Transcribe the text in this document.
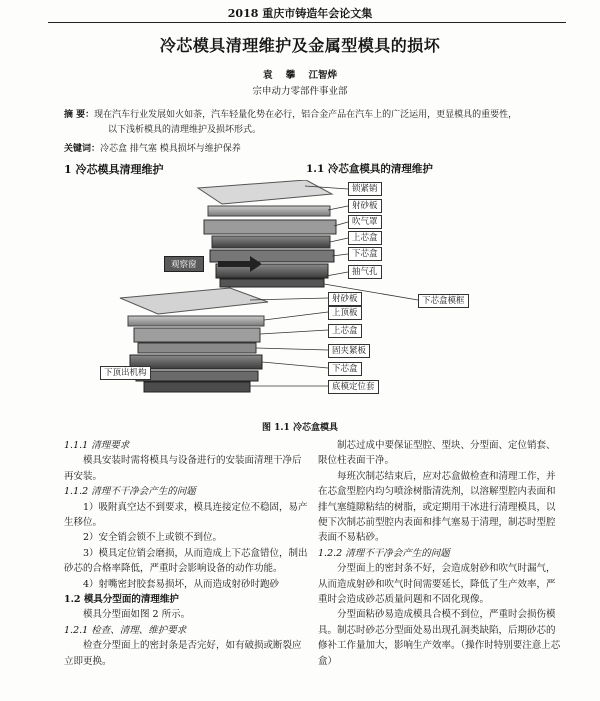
2018 重庆市铸造年会论文集
冷芯模具清理维护及金属型模具的损坏
袁 攀 江智烨
宗申动力零部件事业部
摘 要：现在汽车行业发展如火如荼，汽车轻量化势在必行，铝合金产品在汽车上的广泛运用，更显模具的重要性，
以下浅析模具的清理维护及损坏形式。
关键词：冷芯盒 排气塞 模具损坏与维护保养
1 冷芯模具清理维护	1.1 冷芯盒模具的清理维护
观察窗
锁紧销
射砂板
吹气罩
上芯盒
下芯盒
抽气孔
下芯盒模框
射砂板
上顶板
上芯盒
固夹紧板
下芯盒
底模定位套
下顶出机构
图 1.1 冷芯盒模具

1.1.1 清理要求

模具安装时需将模具与设备进行的安装面清理干净后再安装。

1.1.2 清理不干净会产生的问题

1）吸附真空达不到要求，模具连接定位不稳固，易产生移位。

2）安全销会锁不上或锁不到位。

3）模具定位销会磨损，从而造成上下芯盒错位，制出砂芯的合格率降低，严重时会影响设备的动作功能。

4）射嘴密封胶套易损坏，从而造成射砂时跑砂

1.2 模具分型面的清理维护

模具分型面如图 2 所示。

1.2.1 检查、清理、维护要求

检查分型面上的密封条是否完好，如有破损或断裂应立即更换。

制芯过成中要保证型腔、型块、分型面、定位销套、限位柱表面干净。

每班次制芯结束后，应对芯盒做检查和清理工作，并在芯盒型腔内均匀喷涂树脂清洗剂，以溶解型腔内表面和排气塞缝隙粘结的树脂，或定期用干冰进行清理模具，以便下次制芯前型腔内表面和排气塞易于清理，制芯时型腔表面不易粘砂。

1.2.2 清理不干净会产生的问题

分型面上的密封条不好，会造成射砂和吹气时漏气，从而造成射砂和吹气时间需要延长，降低了生产效率，严重时会造成砂芯质量问题和不固化现像。

分型面粘砂易造成模具合模不到位，严重时会损伤模具。制芯时砂芯分型面处易出现孔洞类缺陷，后期砂芯的修补工作量加大，影响生产效率。（操作时特别要注意上芯盒）
